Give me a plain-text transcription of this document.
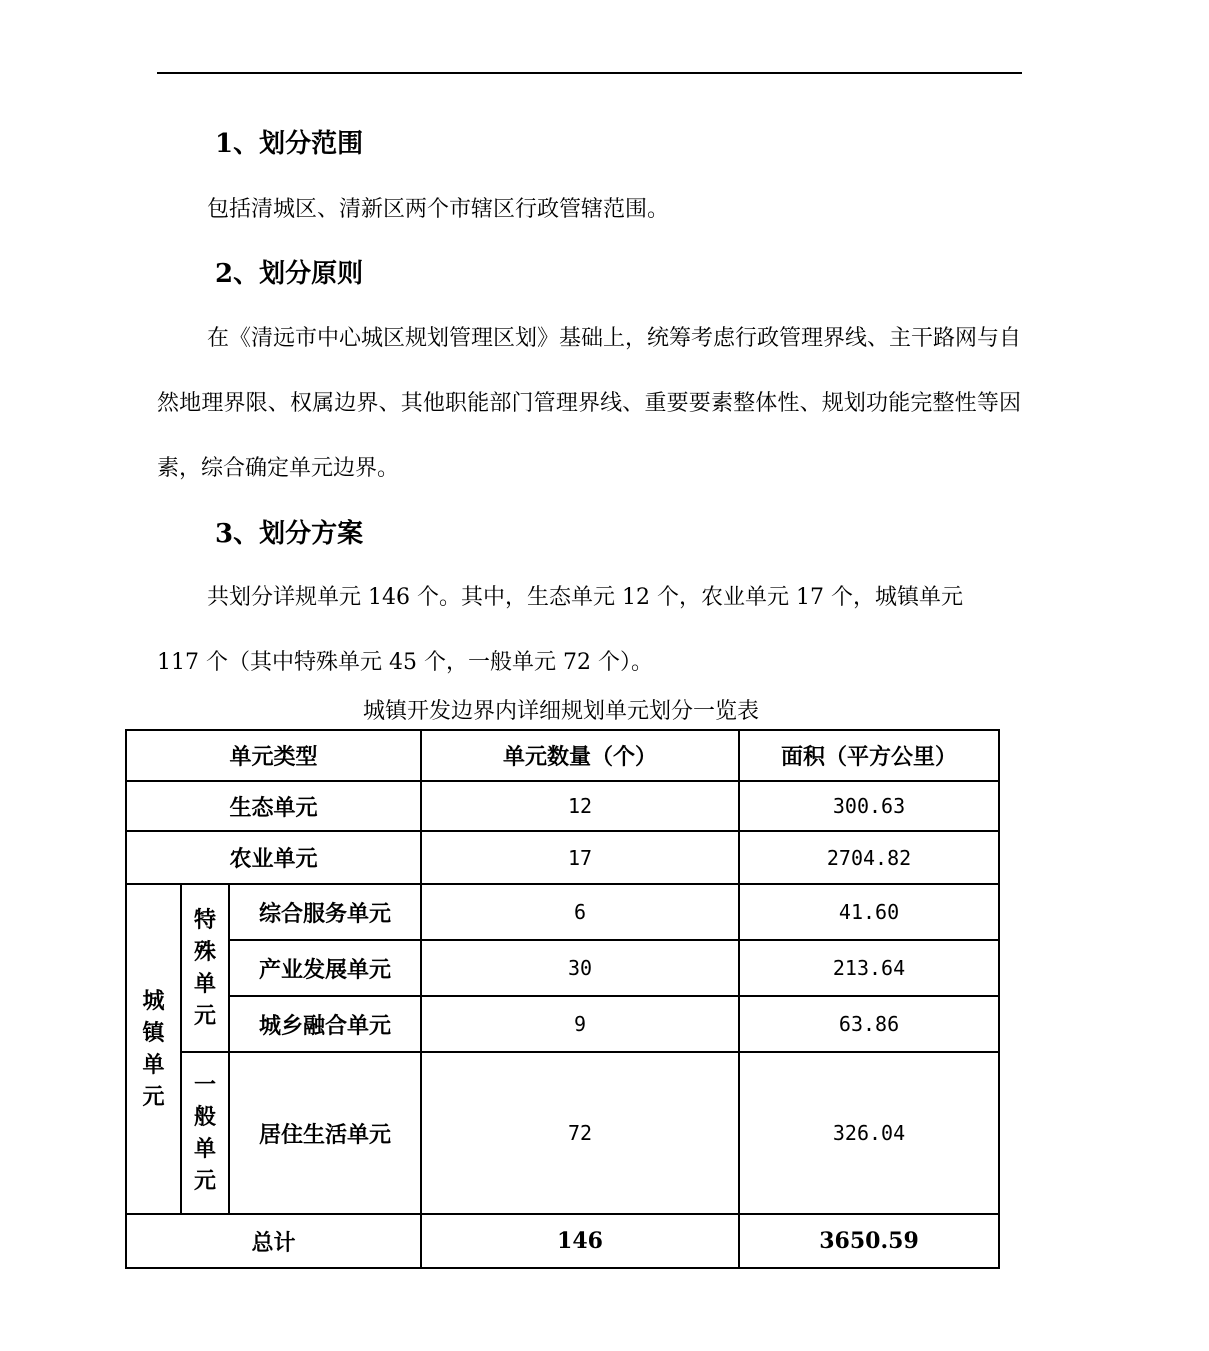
1、划分范围
包括清城区、清新区两个市辖区行政管辖范围。
2、划分原则
在《清远市中心城区规划管理区划》基础上，统筹考虑行政管理界线、主干路网与自然地理界限、权属边界、其他职能部门管理界线、重要要素整体性、规划功能完整性等因素，综合确定单元边界。
3、划分方案
共划分详规单元 146 个。其中，生态单元 12 个，农业单元 17 个，城镇单元
117 个（其中特殊单元 45 个，一般单元 72 个）。
城镇开发边界内详细规划单元划分一览表
单元类型			单元数量（个）	面积（平方公里）
生态单元			12	300.63
农业单元			17	2704.82
城镇单元	特殊单元	综合服务单元	6	41.60
		产业发展单元	30	213.64
		城乡融合单元	9	63.86
	一般单元	居住生活单元	72	326.04
总计			146	3650.59
